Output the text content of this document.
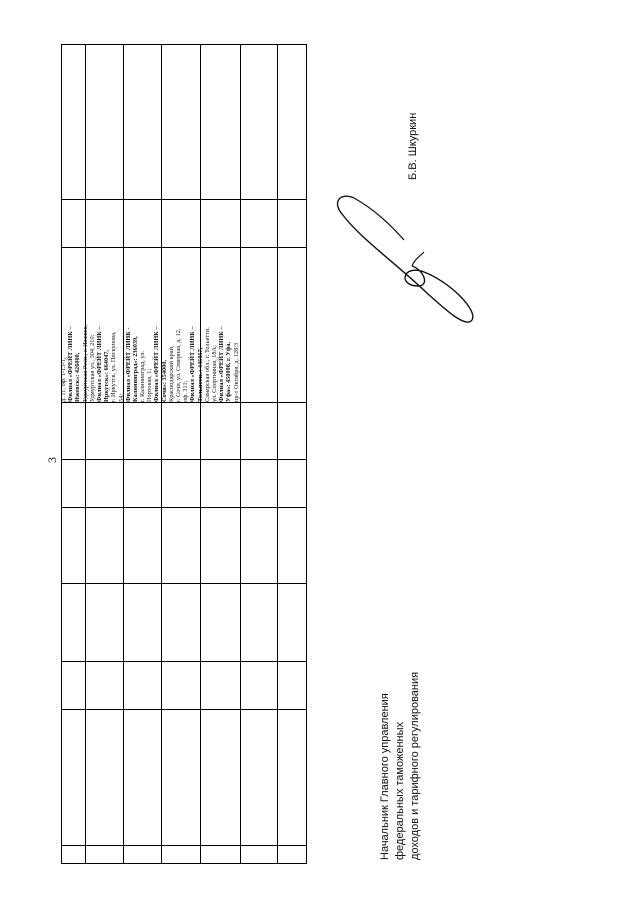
3
д. 11, оф. 1-13-1, Филиал «ФРЕЙТ ЛИНК – Ижевск»: 426000, Удмуртская Респ., г. Ижевск, Удмуртская ул., 304, 210; Филиал «ФРЕЙТ ЛИНК – Иркутск»: 664047, г. Иркутск, ул. Пискунова, 54; Филиал «ФРЕЙТ ЛИНК - Калининград»: 236039, г. Калининград, ул. Портовая, 1; Филиал «ФРЕЙТ ЛИНК – Сочи»: 354000, Краснодарский край, г. Сочи, ул. Северная, д. 12, оф. 311; Филиал «ФРЕЙТ ЛИНК – Тольятти»: 445057, Самарская обл., г. Тольятти, ул. Спортивная, 18А; Филиал «ФРЕЙТ ЛИНК – Уфа»: 450098, г. Уфа, пр-т Октября, д. 128/3
Б.В. Шкуркин
Начальник Главного управления федеральных таможенных доходов и тарифного регулирования
